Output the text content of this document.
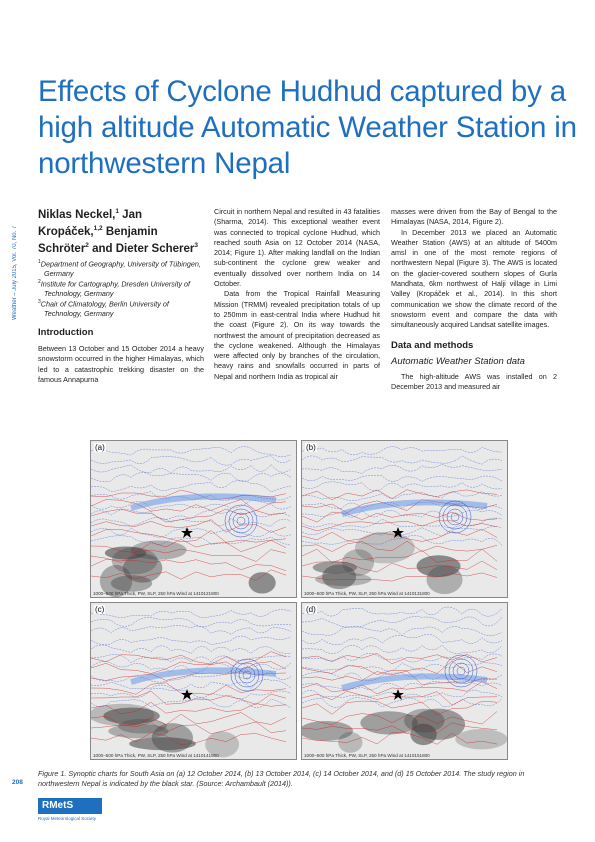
Effects of Cyclone Hudhud captured by a high altitude Automatic Weather Station in northwestern Nepal
Weather – July 2015, Vol. 70, No. 7
Niklas Neckel,$^1$ Jan Kropáček,$^{1,2}$ Benjamin Schröter$^2$ and Dieter Scherer$^3$

$^1$Department of Geography, University of Tübingen, Germany

$^2$Institute for Cartography, Dresden University of Technology, Germany

$^3$Chair of Climatology, Berlin University of Technology, Germany

Introduction

Between 13 October and 15 October 2014 a heavy snowstorm occurred in the higher Himalayas, which led to a catastrophic trekking disaster on the famous Annapurna

Circuit in northern Nepal and resulted in 43 fatalities (Sharma, 2014). This exceptional weather event was connected to tropical cyclone Hudhud, which reached south Asia on 12 October 2014 (NASA, 2014; Figure 1). After making landfall on the Indian sub-continent the cyclone grew weaker and eventually dissolved over northern India on 14 October.

Data from the Tropical Rainfall Measuring Mission (TRMM) revealed precipitation totals of up to 250mm in east-central India where Hudhud hit the coast (Figure 2). On its way towards the northwest the amount of precipitation decreased as the cyclone weakened. Although the Himalayas were affected only by branches of the circulation, heavy rains and snowfalls occurred in parts of Nepal and northern India as tropical air

masses were driven from the Bay of Bengal to the Himalayas (NASA, 2014, Figure 2).

In December 2013 we placed an Automatic Weather Station (AWS) at an altitude of 5400m amsl in one of the most remote regions of northwestern Nepal (Figure 3). The AWS is located on the glacier-covered southern slopes of Gurla Mandhata, 6km northwest of Halji village in Limi Valley (Kropáček et al., 2014). In this short communication we show the climate record of the snowstorm event and compare the data with simultaneously acquired Landsat satellite images.

Data and methods
Automatic Weather Station data

The high-altitude AWS was installed on 2 December 2013 and measured air

(a)
1000–500 hPa Thick, PW, SLP, 250 hPa Wind at 1410121800
(b)
1000–500 hPa Thick, PW, SLP, 250 hPa Wind at 1410131800
(c)
1000–500 hPa Thick, PW, SLP, 250 hPa Wind at 1410141800
(d)
1000–500 hPa Thick, PW, SLP, 250 hPa Wind at 1410151800

Figure 1. Synoptic charts for South Asia on (a) 12 October 2014, (b) 13 October 2014, (c) 14 October 2014, and (d) 15 October 2014. The study region in northwestern Nepal is indicated by the black star. (Source: Archambault (2014)).

208
RMetS
Royal Meteorological Society
